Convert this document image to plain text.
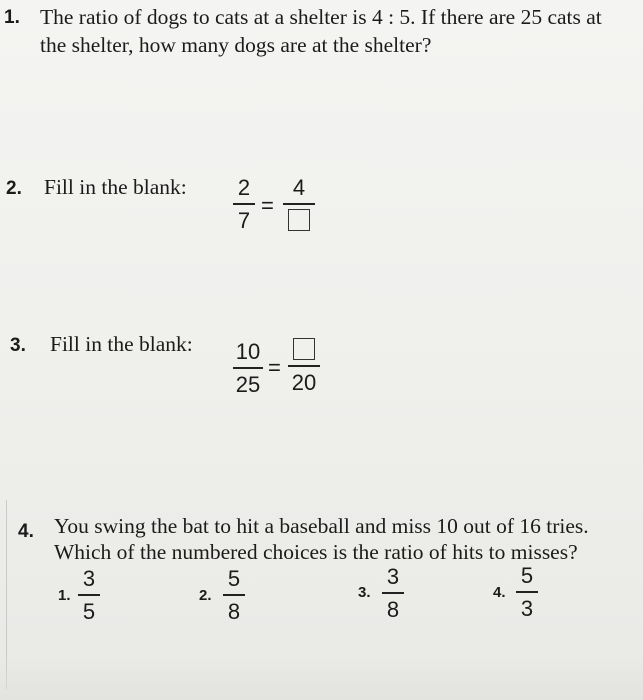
1. The ratio of dogs to cats at a shelter is 4 : 5. If there are 25 cats at
the shelter, how many dogs are at the shelter?
2. Fill in the blank: 2
7
=
4
3. Fill in the blank: 10
25
=
20
4. You swing the bat to hit a baseball and miss 10 out of 16 tries.
Which of the numbered choices is the ratio of hits to misses?
1.
3
5
2.
5
8
3.
3
8
4.
5
3
